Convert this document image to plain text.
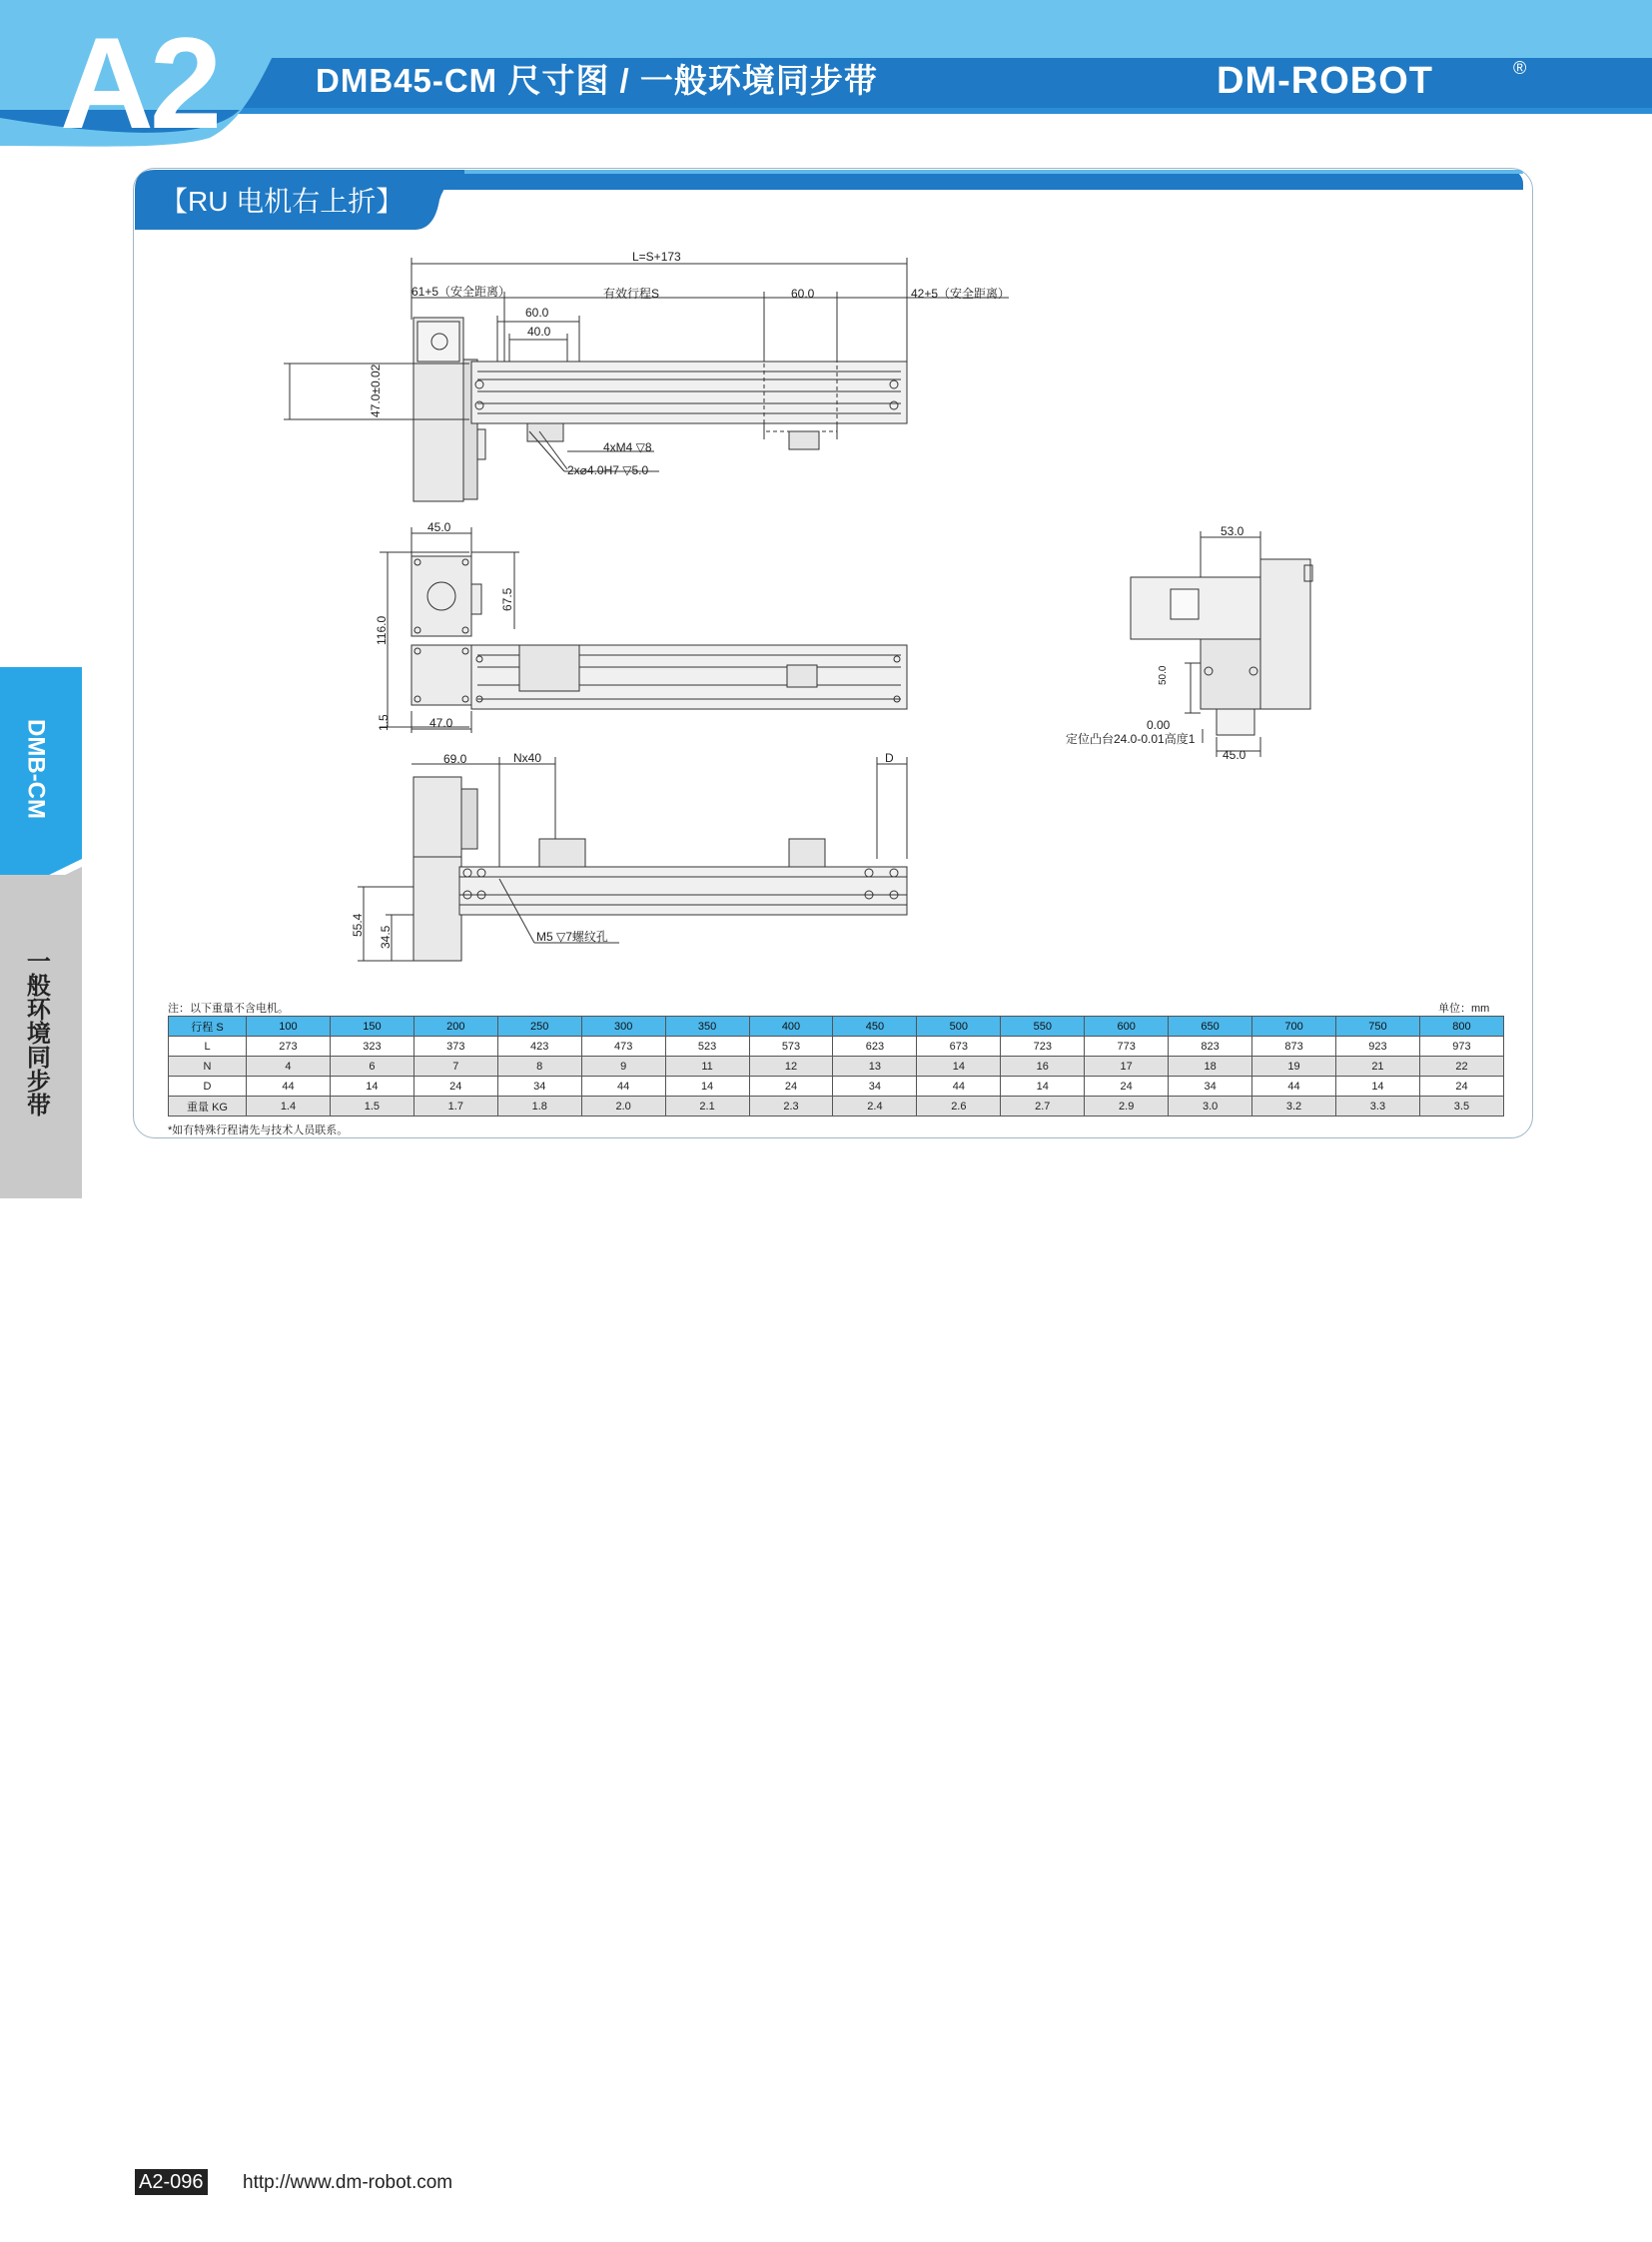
A2	DMB45-CM 尺寸图 / 一般环境同步带	DM-ROBOT	®
DMB-CM
一般环境同步带
【RU 电机右上折】
L=S+173
61+5（安全距离）	有效行程S	60.0	42+5（安全距离）
60.0
40.0
47.0±0.02
4xM4 ▽8
2x⌀4.0H7 ▽5.0
45.0
67.5
116.0
1.5	47.0
69.0	Nx40	D
55.4
34.5	M5 ▽7螺纹孔
53.0
50.0
0.00
定位凸台24.0-0.01高度1
45.0
注：以下重量不含电机。	单位：mm
行程 S	100	150	200	250	300	350	400	450	500	550	600	650	700	750	800
L	273	323	373	423	473	523	573	623	673	723	773	823	873	923	973
N	4	6	7	8	9	11	12	13	14	16	17	18	19	21	22
D	44	14	24	34	44	14	24	34	44	14	24	34	44	14	24
重量 KG	1.4	1.5	1.7	1.8	2.0	2.1	2.3	2.4	2.6	2.7	2.9	3.0	3.2	3.3	3.5
*如有特殊行程请先与技术人员联系。
A2-096 http://www.dm-robot.com
